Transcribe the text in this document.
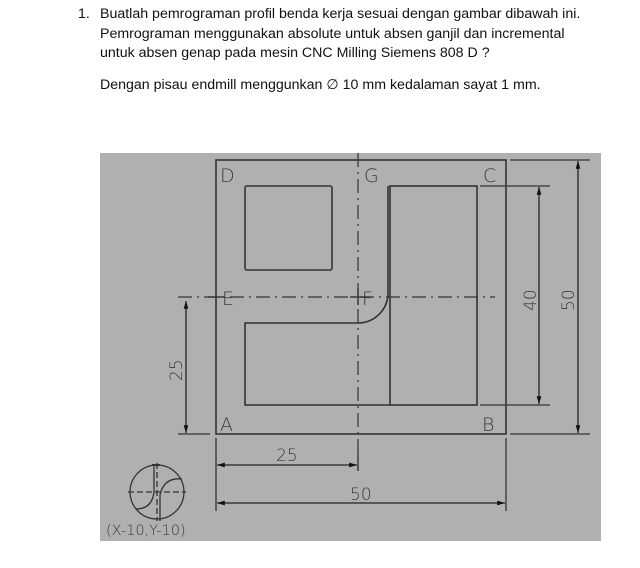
1. Buatlah pemrograman profil benda kerja sesuai dengan gambar dibawah ini.

Pemrograman menggunakan absolute untuk absen ganjil dan incremental

untuk absen genap pada mesin CNC Milling Siemens 808 D ?

Dengan pisau endmill menggunkan ∅ 10 mm kedalaman sayat 1 mm.

D	G	C
E	F
A	B
25
40 50
25
50
(X-10,Y-10)
